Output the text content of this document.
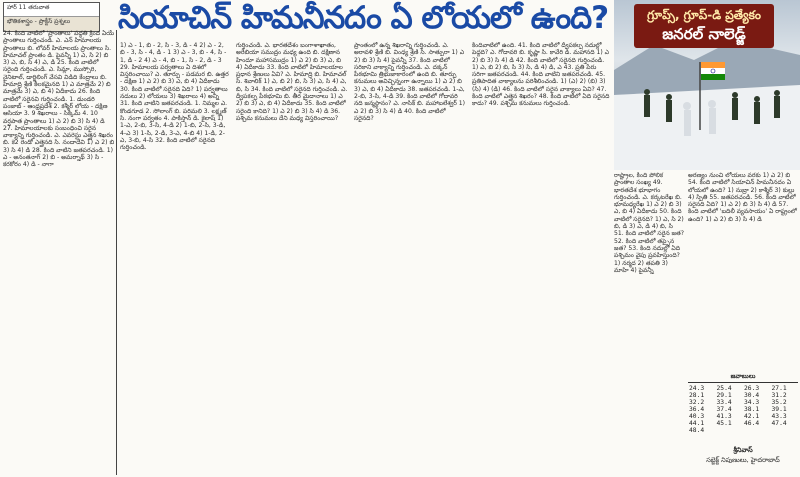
హార్ 11 తరువాత
భౌతికశాస్త్రం - ప్రాక్టీస్ ప్రశ్నలు	సియాచిన్ హిమనీనదం ఏ లోయలో ఉంది?	గ్రూప్స్, గ్రూప్-డి ప్రత్యేకం
జనరల్ నాలెడ్జ్

24. కింది వాటిలో 'ప్రాంతాలు' పద్ధతి క్రింద ఏయే ప్రాంతాలు గుర్తించండి. ఎ. ఎన్ హిమాలయ ప్రాంతాలు బి. లోవర్ హిమాలయ ప్రాంతాలు సి. హిమాచల్ ప్రాంతం డి. పైవన్నీ 1) ఎ, సి 2) బి 3) ఎ, బి, సి 4) ఎ, డి 25. కింది వాటిలో సరైంది గుర్తించండి. ఎ. సిమ్లా, ముస్సోరి, నైనిటాల్, డార్జిలింగ్ వేసవి విడిది కేంద్రాలు బి. హిమాద్రి శ్రేణి కీలకమైనది 1) ఎ మాత్రమే 2) బి మాత్రమే 3) ఎ, బి 4) ఏదీకాదు 26. కింది వాటిలో సరైనవి గుర్తించండి. 1. డుండరి పంజాబ్ - ఆంధ్రప్రదేశ్ 2. కశ్మీర్ లోయ - దక్షిణ ఆసియా 3. 9 శిఖరాలు - సిక్కిమ్ 4. 10 వర్షపాత ప్రాంతాలు 1) ఎ 2) బి 3) సి 4) డి 27. హిమాలయాలకు సంబంధించి సరైన వాక్యాన్ని గుర్తించండి. ఎ. ఎవరెస్టు ఎత్తైన శిఖరం బి. కె2 రెండో ఎత్తైనది సి. నందాదేవి 1) ఎ 2) బి 3) సి 4) డి 28. కింది వాటిని జతపరచండి. 1) ఎ - అనంతనాగ్ 2) బి - అమర్నాథ్ 3) సి - కరకోరం 4) డి - నాగా

1) ఎ - 1, బి - 2, సి - 3, డి - 4 2) ఎ - 2, బి - 3, సి - 4, డి - 1 3) ఎ - 3, బి - 4, సి - 1, డి - 2 4) ఎ - 4, బి - 1, సి - 2, డి - 3 29. హిమాలయ పర్వతాలు ఏ దిశలో విస్తరించాయి? ఎ. తూర్పు - పడమర బి. ఉత్తర - దక్షిణ 1) ఎ 2) బి 3) ఎ, బి 4) ఏదీకాదు 30. కింది వాటిలో సరైనది ఏది? 1) పర్వతాలు నదులు 2) లోయలు 3) శిఖరాలు 4) అన్నీ 31. కింది వాటిని జతపరచండి. 1. నిమ్మల ఎ. కొండగూడ 2. సోలాంగ్ బి. పరిమలి 3. లక్ష్మణ్ సి. నంగా పర్వతం 4. పాకిస్తాన్ డి. కైలాష్ 1) 1-ఎ, 2-బి, 3-సి, 4-డి 2) 1-బి, 2-సి, 3-డి, 4-ఎ 3) 1-సి, 2-డి, 3-ఎ, 4-బి 4) 1-డి, 2-ఎ, 3-బి, 4-సి 32. కింది వాటిలో సరైనది గుర్తించండి.

గుర్తించండి. ఎ. భారతదేశం బంగాళాఖాతం, అరేబియా సముద్రం మధ్య ఉంది బి. దక్షిణాన హిందూ మహాసముద్రం 1) ఎ 2) బి 3) ఎ, బి 4) ఏదీకాదు 33. కింది వాటిలో హిమాలయాల ప్రధాన శ్రేణులు ఏవి? ఎ. హిమాద్రి బి. హిమాచల్ సి. శివాలిక్ 1) ఎ, బి 2) బి, సి 3) ఎ, సి 4) ఎ, బి, సి 34. కింది వాటిలో సరైనది గుర్తించండి. ఎ. ద్వీపకల్ప పీఠభూమి బి. తీర మైదానాలు 1) ఎ 2) బి 3) ఎ, బి 4) ఏదీకాదు 35. కింది వాటిలో సరైంది కానిది? 1) ఎ 2) బి 3) సి 4) డి 36. పశ్చిమ కనుమలు దేని మధ్య విస్తరించాయి?

ప్రాంతంలో ఉన్న శిఖరాన్ని గుర్తించండి. ఎ. అరావళి శ్రేణి బి. వింధ్య శ్రేణి సి. సాత్పురా 1) ఎ 2) బి 3) సి 4) పైవన్నీ 37. కింది వాటిలో సరికాని వాక్యాన్ని గుర్తించండి. ఎ. దక్కన్ పీఠభూమి త్రిభుజాకారంలో ఉంది బి. తూర్పు కనుమలు అవిచ్ఛిన్నంగా ఉన్నాయి 1) ఎ 2) బి 3) ఎ, బి 4) ఏదీకాదు 38. జతపరచండి. 1-ఎ, 2-బి, 3-సి, 4-డి 39. కింది వాటిలో గోదావరి నది జన్మస్థానం? ఎ. నాసిక్ బి. మహాబలేశ్వర్ 1) ఎ 2) బి 3) సి 4) డి 40. కింది వాటిలో సరైనది?

కిందివాటిలో ఉంది. 41. కింది వాటిలో ద్వీపకల్ప నదుల్లో పెద్దది? ఎ. గోదావరి బి. కృష్ణా సి. కావేరి డి. మహానది 1) ఎ 2) బి 3) సి 4) డి 42. కింది వాటిలో సరైనది గుర్తించండి. 1) ఎ, బి 2) బి, సి 3) సి, డి 4) డి, ఎ 43. ప్రతి పేరు సరిగా జతపరచండి. 44. కింది వాటిని జతపరచండి. 45. ప్రతిపాదిత వాక్యాలను పరిశీలించండి. 1) (ఎ) 2) (బి) 3) (సి) 4) (డి) 46. కింది వాటిలో సరైన వాక్యాలు ఏవి? 47. కింది వాటిలో ఎత్తైన శిఖరం? 48. కింది వాటిలో ఏది సరైనది కాదు? 49. పశ్చిమ కనుమలు గుర్తించండి.

రాష్ట్రాల, కింది పోలిక ప్రాంతాల సంఖ్య 49. భారతదేశ భూభాగం గుర్తించండి. ఎ. కర్కటరేఖ బి. భూమధ్యరేఖ 1) ఎ 2) బి 3) ఎ, బి 4) ఏదీకాదు 50. కింది వాటిలో సరైనది? 1) ఎ, సి 2) బి, డి 3) ఎ, డి 4) బి, సి 51. కింది వాటిలో సరైన జత? 52. కింది వాటిలో తప్పైన జత? 53. కింది నదుల్లో ఏది పశ్చిమం వైపు ప్రవహిస్తుంది? 1) నర్మద 2) తపతి 3) మాహి 4) పైవన్నీ

అరణ్యం నుంచి లోయలు వరకు 1) ఎ 2) బి 54. కింది వాటిలో సియాచిన్ హిమనీనదం ఏ లోయలో ఉంది? 1) నుబ్రా 2) కాశ్మీర్ 3) కుల్లు 4) స్పితి 55. జతపరచండి. 56. కింది వాటిలో సరైనది ఏది? 1) ఎ 2) బి 3) సి 4) డి 57. కింది వాటిలో 'బదిలీ వ్యవసాయం' ఏ రాష్ట్రంలో ఉంది? 1) ఎ 2) బి 3) సి 4) డి

జవాబులు
24.3	25.4	26.3	27.1
28.1	29.1	30.4	31.2
32.2	33.4	34.3	35.2
36.4	37.4	38.1	39.1
40.3	41.3	42.1	43.3
44.1	45.1	46.4	47.4
48.4			
శ్రీనివాస్
సబ్జెక్ట్ నిపుణులు, హైదరాబాద్
